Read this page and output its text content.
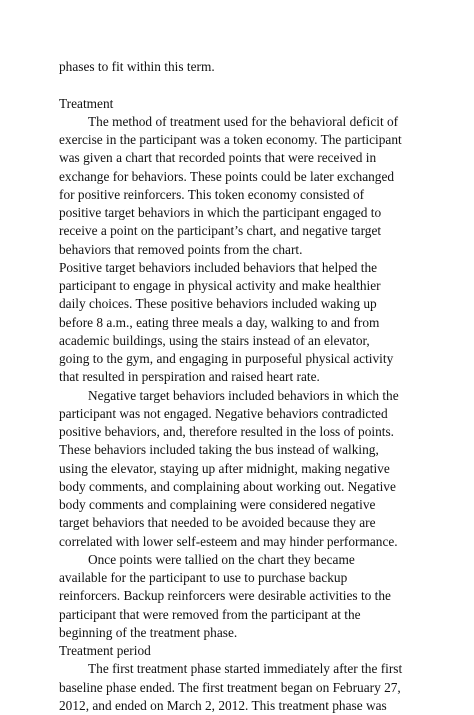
phases to fit within this term.
Treatment
The method of treatment used for the behavioral deficit of
exercise in the participant was a token economy. The participant
was given a chart that recorded points that were received in
exchange for behaviors. These points could be later exchanged
for positive reinforcers. This token economy consisted of
positive target behaviors in which the participant engaged to
receive a point on the participant’s chart, and negative target
behaviors that removed points from the chart.
Positive target behaviors included behaviors that helped the
participant to engage in physical activity and make healthier
daily choices. These positive behaviors included waking up
before 8 a.m., eating three meals a day, walking to and from
academic buildings, using the stairs instead of an elevator,
going to the gym, and engaging in purposeful physical activity
that resulted in perspiration and raised heart rate.
Negative target behaviors included behaviors in which the
participant was not engaged. Negative behaviors contradicted
positive behaviors, and, therefore resulted in the loss of points.
These behaviors included taking the bus instead of walking,
using the elevator, staying up after midnight, making negative
body comments, and complaining about working out. Negative
body comments and complaining were considered negative
target behaviors that needed to be avoided because they are
correlated with lower self-esteem and may hinder performance.
Once points were tallied on the chart they became
available for the participant to use to purchase backup
reinforcers. Backup reinforcers were desirable activities to the
participant that were removed from the participant at the
beginning of the treatment phase.
Treatment period
The first treatment phase started immediately after the first
baseline phase ended. The first treatment began on February 27,
2012, and ended on March 2, 2012. This treatment phase was
